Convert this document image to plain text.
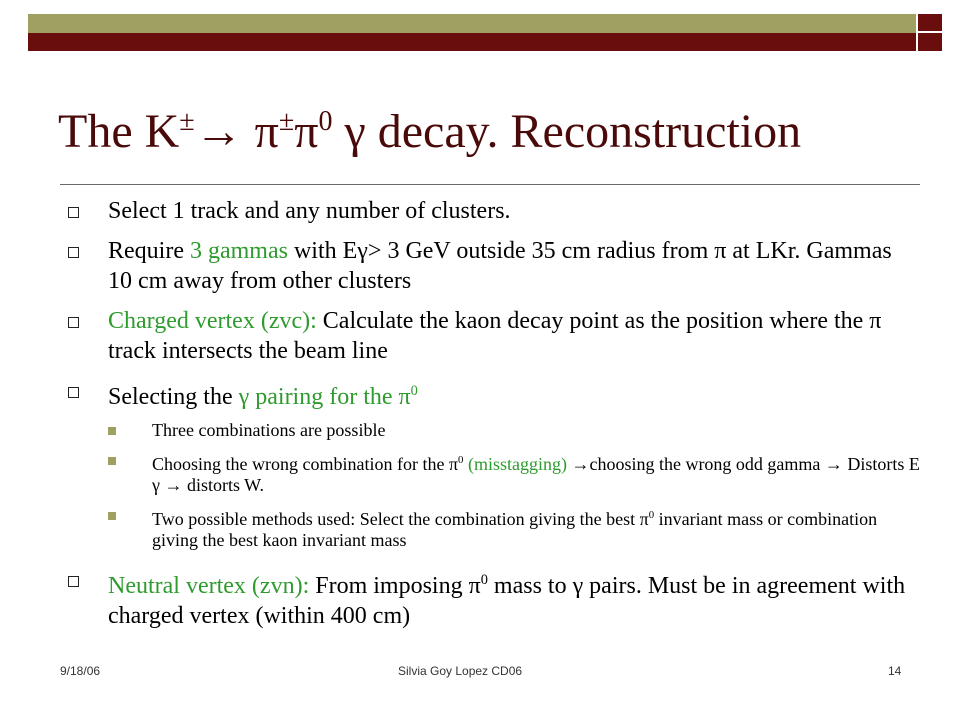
The $K^\pm\to \pi^\pm\pi^0$ γ decay. Reconstruction
Select 1 track and any number of clusters.
Require 3 gammas with Eγ> 3 GeV outside 35 cm radius from π at LKr. Gammas 10 cm away from other clusters
Charged vertex (zvc): Calculate the kaon decay point as the position where the π track intersects the beam line
Selecting the γ pairing for the $\pi^0$
Three combinations are possible
Choosing the wrong combination for the $\pi^0$ (misstagging) →choosing the wrong odd gamma → Distorts E γ → distorts W.
Two possible methods used: Select the combination giving the best $\pi^0$ invariant mass or combination giving the best kaon invariant mass
Neutral vertex (zvn): From imposing $\pi^0$ mass to γ pairs. Must be in agreement with charged vertex (within 400 cm)
9/18/06	Silvia Goy Lopez CD06	14
